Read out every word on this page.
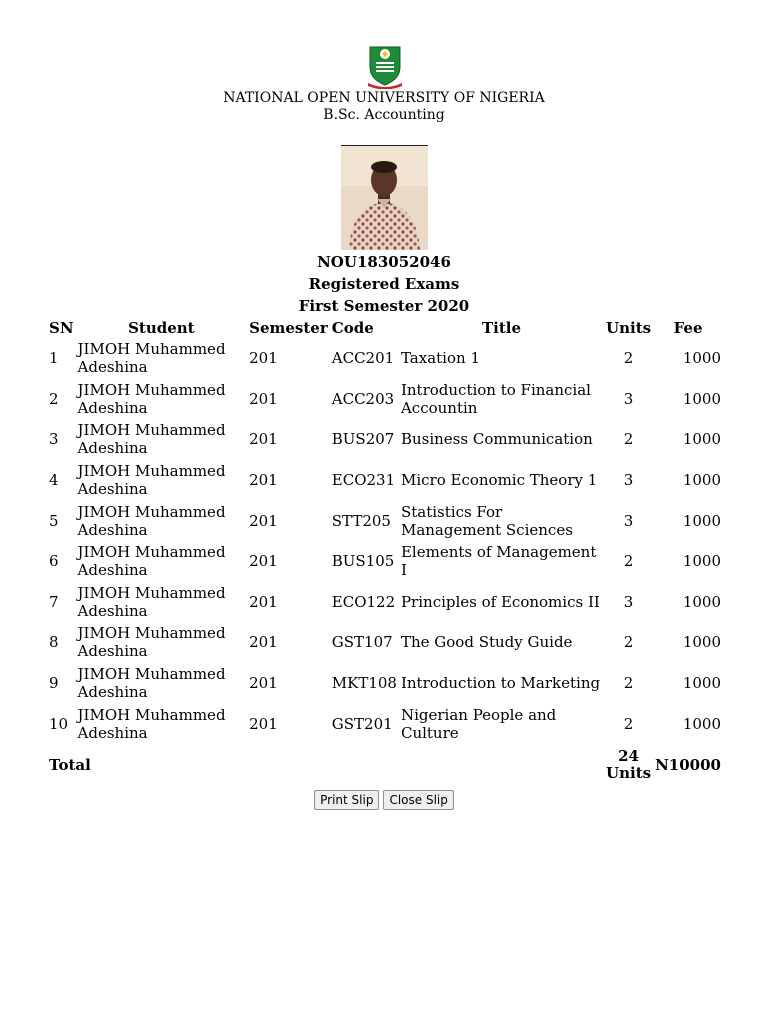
NATIONAL OPEN UNIVERSITY OF NIGERIA
B.Sc. Accounting
NOU183052046
Registered Exams
First Semester 2020
SN	Student	Semester	Code	Title	Units	Fee
1	JIMOH Muhammed Adeshina	201	ACC201	Taxation 1	2	1000
2	JIMOH Muhammed Adeshina	201	ACC203	Introduction to Financial Accountin	3	1000
3	JIMOH Muhammed Adeshina	201	BUS207	Business Communication	2	1000
4	JIMOH Muhammed Adeshina	201	ECO231	Micro Economic Theory 1	3	1000
5	JIMOH Muhammed Adeshina	201	STT205	Statistics For Management Sciences	3	1000
6	JIMOH Muhammed Adeshina	201	BUS105	Elements of Management I	2	1000
7	JIMOH Muhammed Adeshina	201	ECO122	Principles of Economics II	3	1000
8	JIMOH Muhammed Adeshina	201	GST107	The Good Study Guide	2	1000
9	JIMOH Muhammed Adeshina	201	MKT108	Introduction to Marketing	2	1000
10	JIMOH Muhammed Adeshina	201	GST201	Nigerian People and Culture	2	1000
Total					24 Units	N10000
Print Slip Close Slip
